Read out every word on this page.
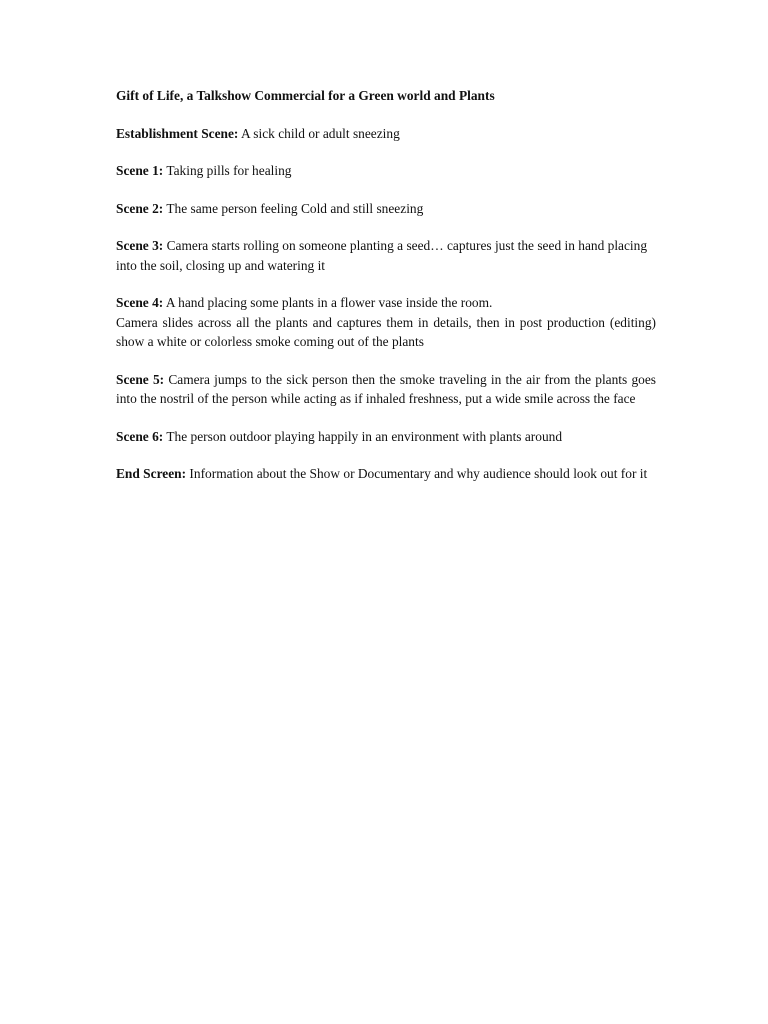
Gift of Life, a Talkshow Commercial for a Green world and Plants

Establishment Scene: A sick child or adult sneezing

Scene 1: Taking pills for healing

Scene 2: The same person feeling Cold and still sneezing

Scene 3: Camera starts rolling on someone planting a seed… captures just the seed in hand placing into the soil, closing up and watering it

Scene 4: A hand placing some plants in a flower vase inside the room.

Camera slides across all the plants and captures them in details, then in post production (editing) show a white or colorless smoke coming out of the plants

Scene 5: Camera jumps to the sick person then the smoke traveling in the air from the plants goes into the nostril of the person while acting as if inhaled freshness, put a wide smile across the face

Scene 6: The person outdoor playing happily in an environment with plants around

End Screen: Information about the Show or Documentary and why audience should look out for it
